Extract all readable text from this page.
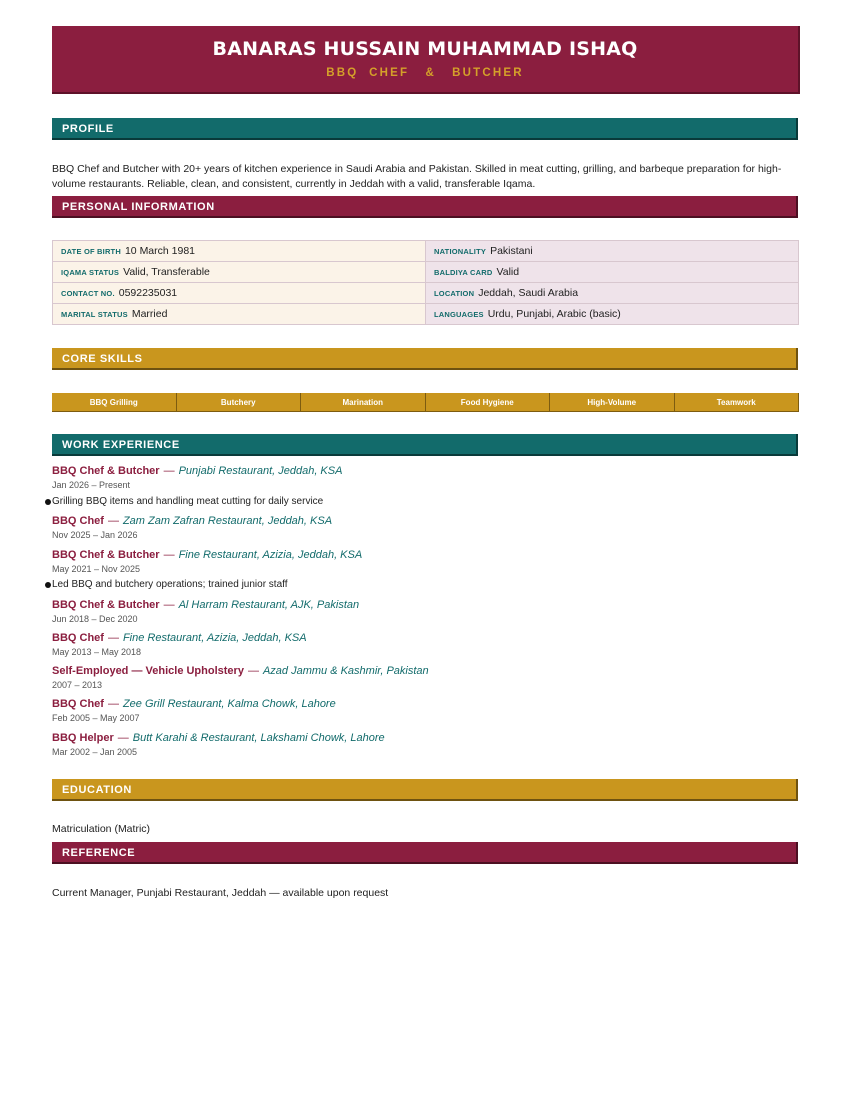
BANARAS HUSSAIN MUHAMMAD ISHAQ
BBQ  CHEF   &   BUTCHER
PROFILE
BBQ Chef and Butcher with 20+ years of kitchen experience in Saudi Arabia and Pakistan. Skilled in meat cutting, grilling, and barbeque preparation for high-volume restaurants. Reliable, clean, and consistent, currently in Jeddah with a valid, transferable Iqama.
PERSONAL INFORMATION
DATE OF BIRTH 10 March 1981	NATIONALITY Pakistani
IQAMA STATUS Valid, Transferable	BALDIYA CARD Valid
CONTACT NO. 0592235031	LOCATION Jeddah, Saudi Arabia
MARITAL STATUS Married	LANGUAGES Urdu, Punjabi, Arabic (basic)
CORE SKILLS
BBQ Grilling	Butchery	Marination	Food Hygiene	High-Volume	Teamwork
WORK EXPERIENCE
BBQ Chef & Butcher — Punjabi Restaurant, Jeddah, KSA
Jan 2026 – Present
Grilling BBQ items and handling meat cutting for daily service
BBQ Chef — Zam Zam Zafran Restaurant, Jeddah, KSA
Nov 2025 – Jan 2026
BBQ Chef & Butcher — Fine Restaurant, Azizia, Jeddah, KSA
May 2021 – Nov 2025
Led BBQ and butchery operations; trained junior staff
BBQ Chef & Butcher — Al Harram Restaurant, AJK, Pakistan
Jun 2018 – Dec 2020
BBQ Chef — Fine Restaurant, Azizia, Jeddah, KSA
May 2013 – May 2018
Self-Employed — Vehicle Upholstery — Azad Jammu & Kashmir, Pakistan
2007 – 2013
BBQ Chef — Zee Grill Restaurant, Kalma Chowk, Lahore
Feb 2005 – May 2007
BBQ Helper — Butt Karahi & Restaurant, Lakshami Chowk, Lahore
Mar 2002 – Jan 2005
EDUCATION
Matriculation (Matric)
REFERENCE
Current Manager, Punjabi Restaurant, Jeddah — available upon request
